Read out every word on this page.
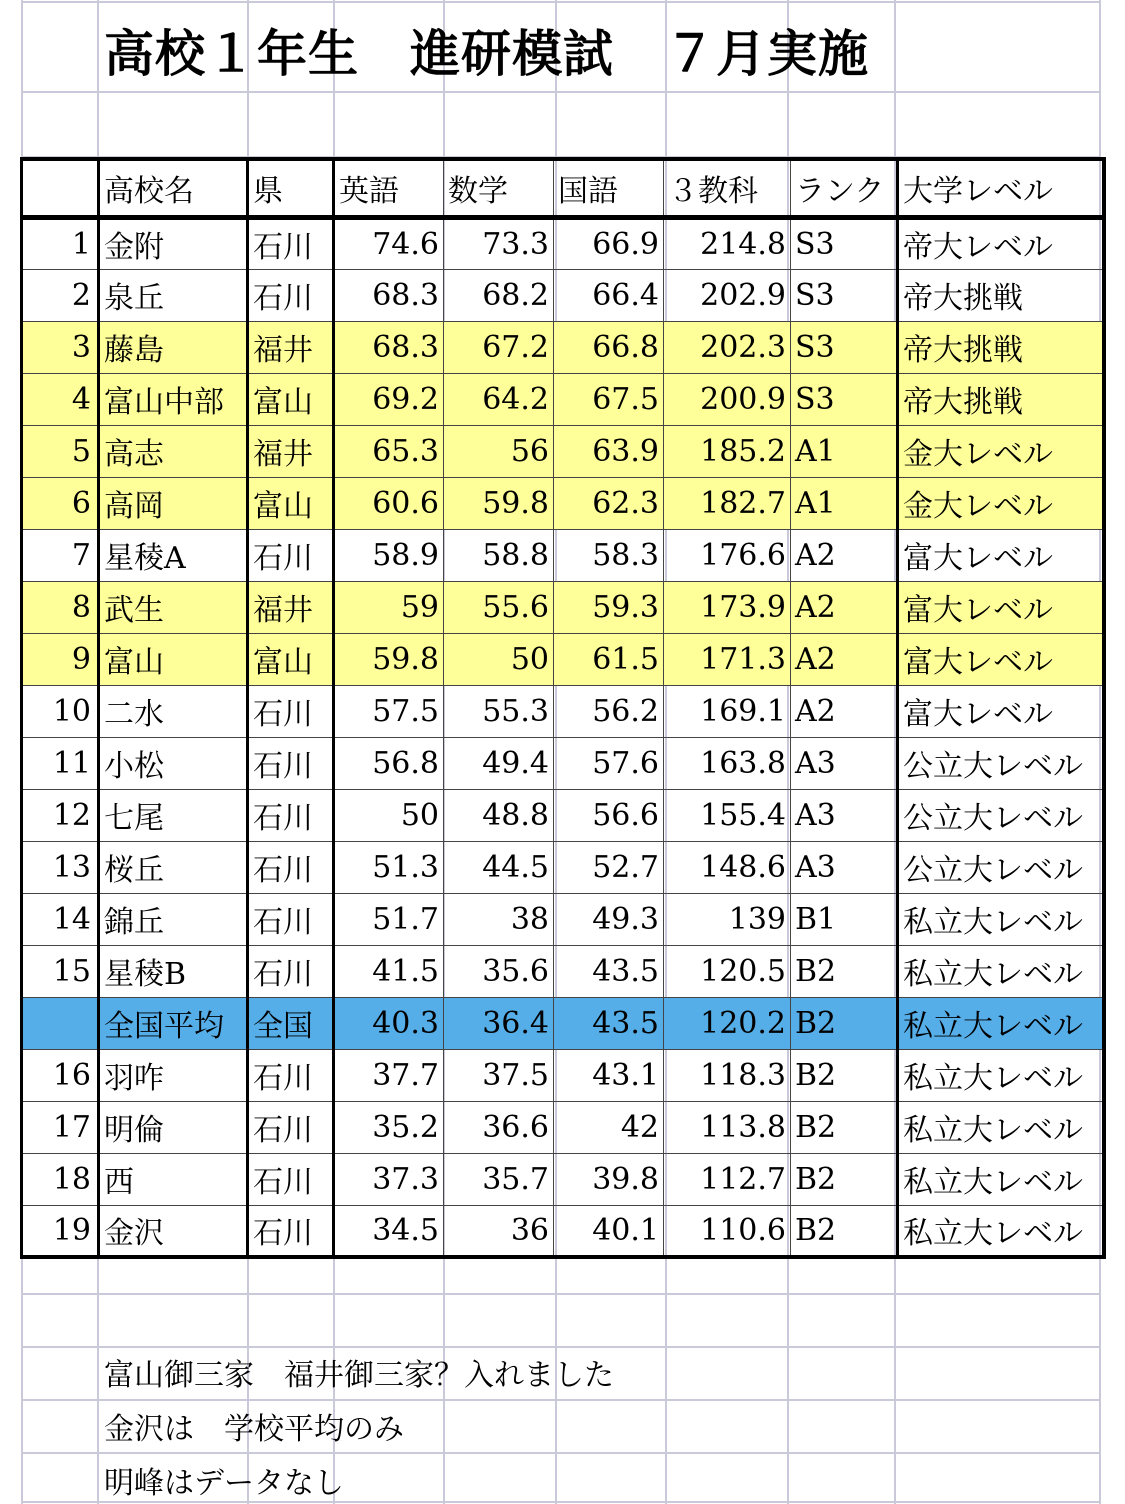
高校１年生　進研模試　７月実施
	高校名	県	英語	数学	国語	３教科	ランク	大学レベル
1	金附	石川	74.6	73.3	66.9	214.8	S3	帝大レベル
2	泉丘	石川	68.3	68.2	66.4	202.9	S3	帝大挑戦
3	藤島	福井	68.3	67.2	66.8	202.3	S3	帝大挑戦
4	富山中部	富山	69.2	64.2	67.5	200.9	S3	帝大挑戦
5	高志	福井	65.3	56	63.9	185.2	A1	金大レベル
6	高岡	富山	60.6	59.8	62.3	182.7	A1	金大レベル
7	星稜A	石川	58.9	58.8	58.3	176.6	A2	富大レベル
8	武生	福井	59	55.6	59.3	173.9	A2	富大レベル
9	富山	富山	59.8	50	61.5	171.3	A2	富大レベル
10	二水	石川	57.5	55.3	56.2	169.1	A2	富大レベル
11	小松	石川	56.8	49.4	57.6	163.8	A3	公立大レベル
12	七尾	石川	50	48.8	56.6	155.4	A3	公立大レベル
13	桜丘	石川	51.3	44.5	52.7	148.6	A3	公立大レベル
14	錦丘	石川	51.7	38	49.3	139	B1	私立大レベル
15	星稜B	石川	41.5	35.6	43.5	120.5	B2	私立大レベル
	全国平均	全国	40.3	36.4	43.5	120.2	B2	私立大レベル
16	羽咋	石川	37.7	37.5	43.1	118.3	B2	私立大レベル
17	明倫	石川	35.2	36.6	42	113.8	B2	私立大レベル
18	西	石川	37.3	35.7	39.8	112.7	B2	私立大レベル
19	金沢	石川	34.5	36	40.1	110.6	B2	私立大レベル
富山御三家　福井御三家？入れました
金沢は　学校平均のみ
明峰はデータなし
